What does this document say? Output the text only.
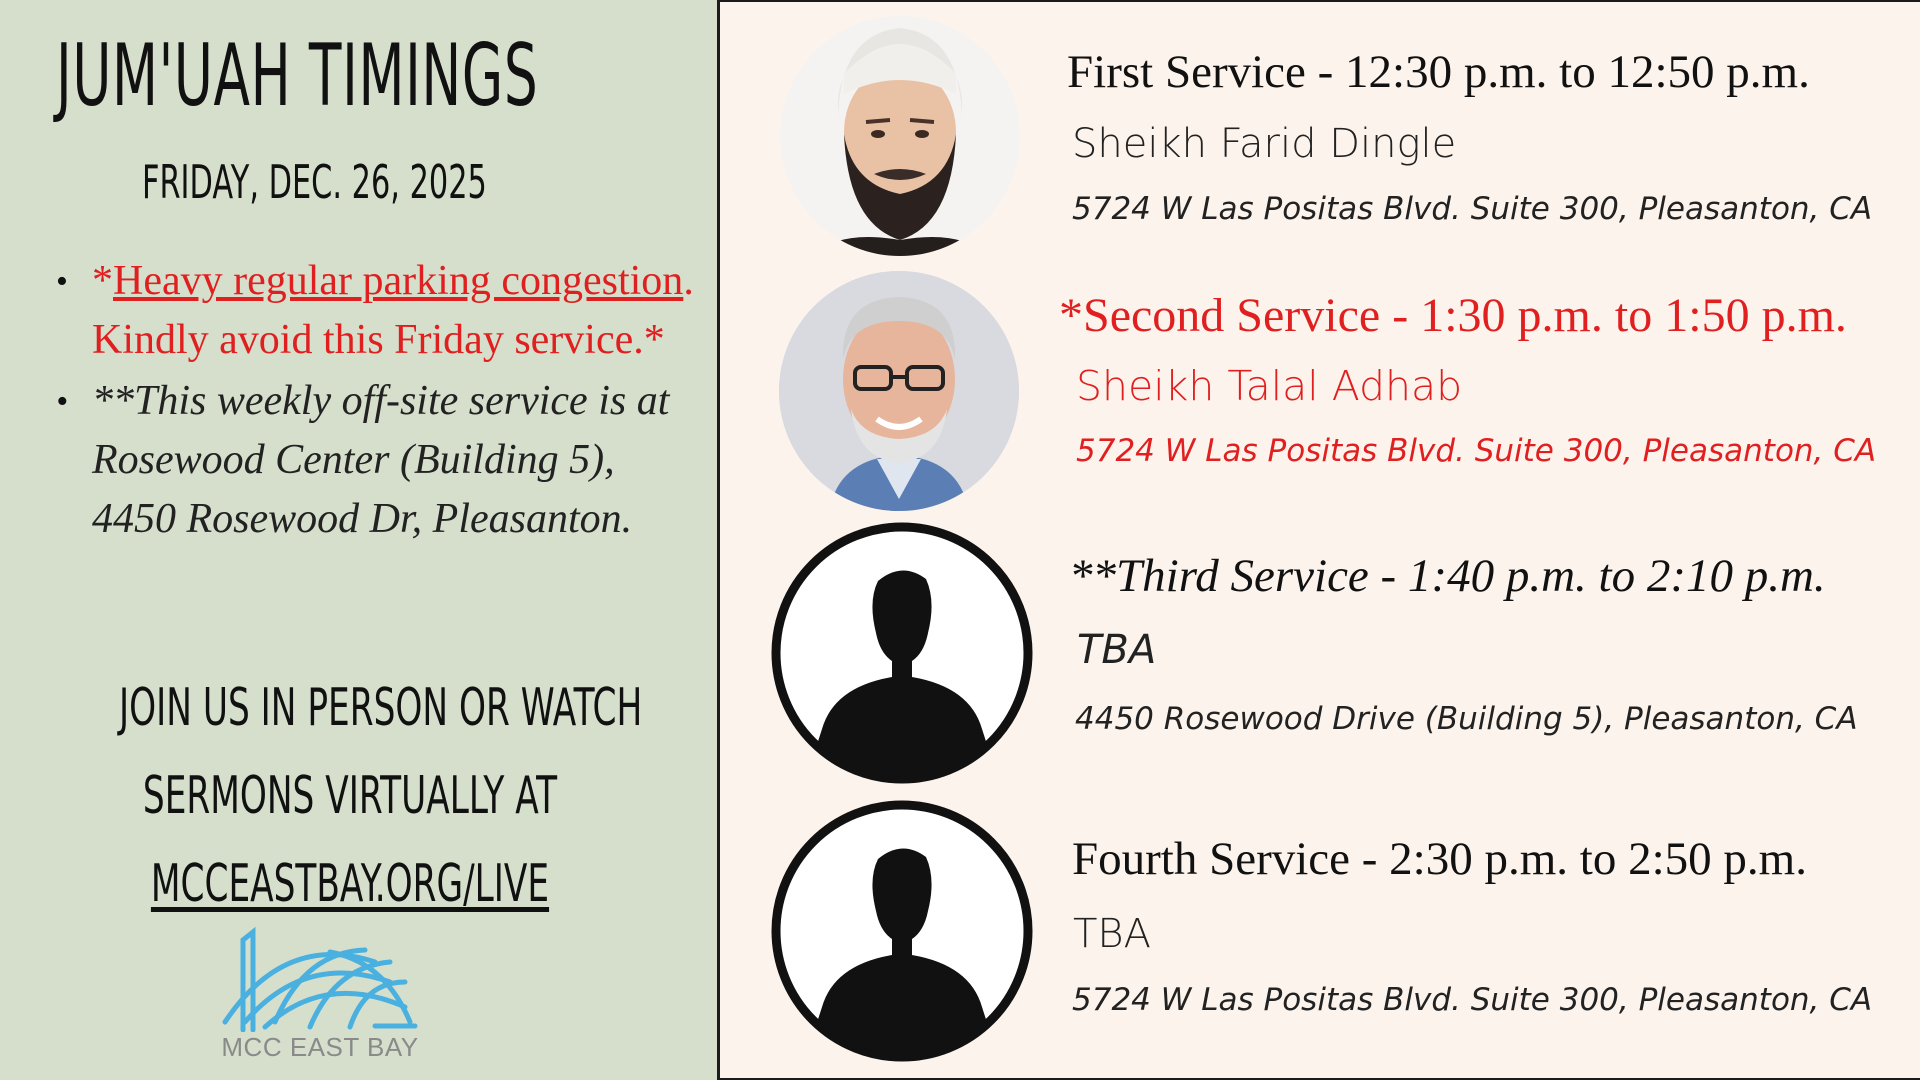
JUM'UAH TIMINGS
FRIDAY, DEC. 26, 2025
• *Heavy regular parking congestion. Kindly avoid this Friday service.*
• **This weekly off-site service is at Rosewood Center (Building 5), 4450 Rosewood Dr, Pleasanton.
JOIN US IN PERSON OR WATCH
SERMONS VIRTUALLY AT
MCCEASTBAY.ORG/LIVE
MCC EAST BAY
First Service - 12:30 p.m. to 12:50 p.m.
Sheikh Farid Dingle
5724 W Las Positas Blvd. Suite 300, Pleasanton, CA
*Second Service - 1:30 p.m. to 1:50 p.m.
Sheikh Talal Adhab
5724 W Las Positas Blvd. Suite 300, Pleasanton, CA
**Third Service - 1:40 p.m. to 2:10 p.m.
TBA
4450 Rosewood Drive (Building 5), Pleasanton, CA
Fourth Service - 2:30 p.m. to 2:50 p.m.
TBA
5724 W Las Positas Blvd. Suite 300, Pleasanton, CA
